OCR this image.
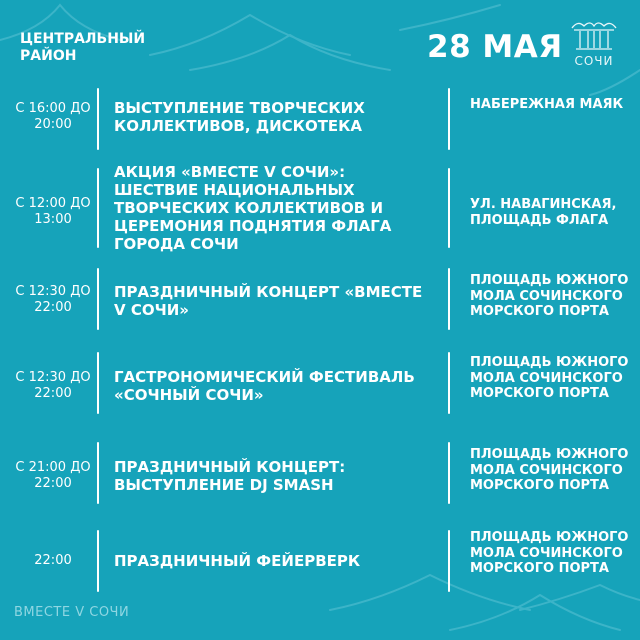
ЦЕНТРАЛЬНЫЙ РАЙОН	28 МАЯ СОЧИ
С 16:00 ДО 20:00
ВЫСТУПЛЕНИЕ ТВОРЧЕСКИХ КОЛЛЕКТИВОВ, ДИСКОТЕКА
НАБЕРЕЖНАЯ МАЯК
С 12:00 ДО 13:00
АКЦИЯ «ВМЕСТЕ V СОЧИ»: ШЕСТВИЕ НАЦИОНАЛЬНЫХ ТВОРЧЕСКИХ КОЛЛЕКТИВОВ И ЦЕРЕМОНИЯ ПОДНЯТИЯ ФЛАГА ГОРОДА СОЧИ
УЛ. НАВАГИНСКАЯ, ПЛОЩАДЬ ФЛАГА
С 12:30 ДО 22:00
ПРАЗДНИЧНЫЙ КОНЦЕРТ «ВМЕСТЕ V СОЧИ»
ПЛОЩАДЬ ЮЖНОГО МОЛА СОЧИНСКОГО МОРСКОГО ПОРТА
С 12:30 ДО 22:00
ГАСТРОНОМИЧЕСКИЙ ФЕСТИВАЛЬ «СОЧНЫЙ СОЧИ»
ПЛОЩАДЬ ЮЖНОГО МОЛА СОЧИНСКОГО МОРСКОГО ПОРТА
С 21:00 ДО 22:00
ПРАЗДНИЧНЫЙ КОНЦЕРТ: ВЫСТУПЛЕНИЕ DJ SMASH
ПЛОЩАДЬ ЮЖНОГО МОЛА СОЧИНСКОГО МОРСКОГО ПОРТА
22:00	ПРАЗДНИЧНЫЙ ФЕЙЕРВЕРК
ПЛОЩАДЬ ЮЖНОГО МОЛА СОЧИНСКОГО МОРСКОГО ПОРТА
ВМЕСТЕ V СОЧИ
